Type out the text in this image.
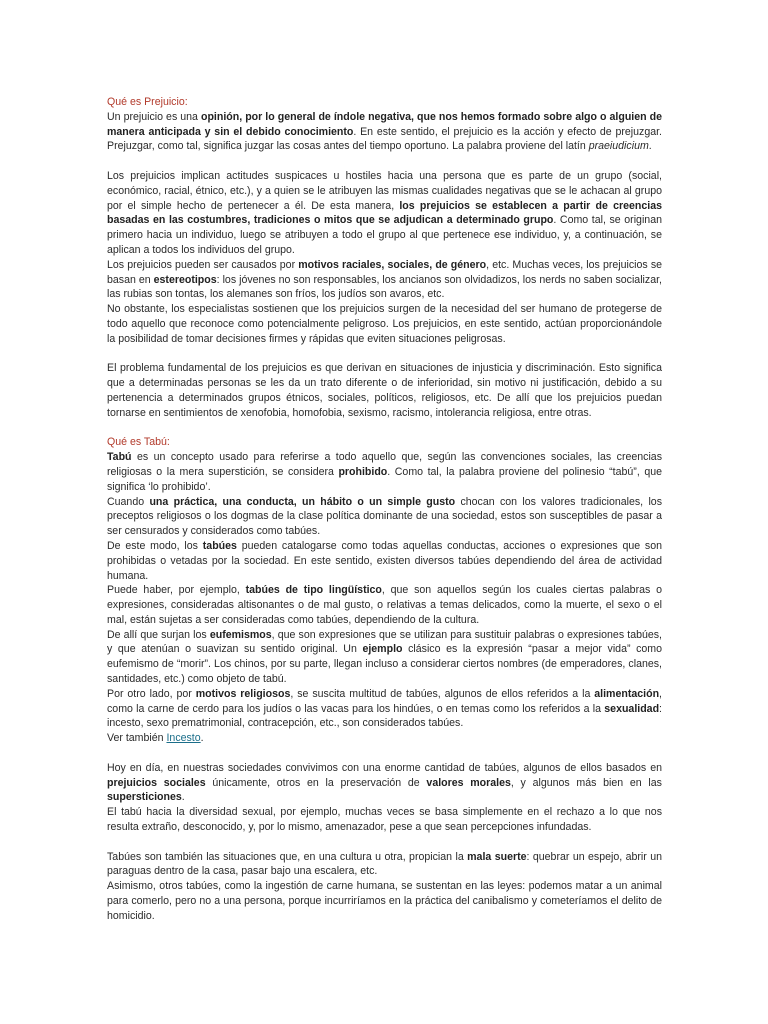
Qué es Prejuicio:

Un prejuicio es una opinión, por lo general de índole negativa, que nos hemos formado sobre algo o alguien de manera anticipada y sin el debido conocimiento. En este sentido, el prejuicio es la acción y efecto de prejuzgar. Prejuzgar, como tal, significa juzgar las cosas antes del tiempo oportuno. La palabra proviene del latín praeiudicium.

Los prejuicios implican actitudes suspicaces u hostiles hacia una persona que es parte de un grupo (social, económico, racial, étnico, etc.), y a quien se le atribuyen las mismas cualidades negativas que se le achacan al grupo por el simple hecho de pertenecer a él. De esta manera, los prejuicios se establecen a partir de creencias basadas en las costumbres, tradiciones o mitos que se adjudican a determinado grupo. Como tal, se originan primero hacia un individuo, luego se atribuyen a todo el grupo al que pertenece ese individuo, y, a continuación, se aplican a todos los individuos del grupo.

Los prejuicios pueden ser causados por motivos raciales, sociales, de género, etc. Muchas veces, los prejuicios se basan en estereotipos: los jóvenes no son responsables, los ancianos son olvidadizos, los nerds no saben socializar, las rubias son tontas, los alemanes son fríos, los judíos son avaros, etc.

No obstante, los especialistas sostienen que los prejuicios surgen de la necesidad del ser humano de protegerse de todo aquello que reconoce como potencialmente peligroso. Los prejuicios, en este sentido, actúan proporcionándole la posibilidad de tomar decisiones firmes y rápidas que eviten situaciones peligrosas.

El problema fundamental de los prejuicios es que derivan en situaciones de injusticia y discriminación. Esto significa que a determinadas personas se les da un trato diferente o de inferioridad, sin motivo ni justificación, debido a su pertenencia a determinados grupos étnicos, sociales, políticos, religiosos, etc. De allí que los prejuicios puedan tornarse en sentimientos de xenofobia, homofobia, sexismo, racismo, intolerancia religiosa, entre otras.

Qué es Tabú:

Tabú es un concepto usado para referirse a todo aquello que, según las convenciones sociales, las creencias religiosas o la mera superstición, se considera prohibido. Como tal, la palabra proviene del polinesio “tabú”, que significa ‘lo prohibido’.

Cuando una práctica, una conducta, un hábito o un simple gusto chocan con los valores tradicionales, los preceptos religiosos o los dogmas de la clase política dominante de una sociedad, estos son susceptibles de pasar a ser censurados y considerados como tabúes.

De este modo, los tabúes pueden catalogarse como todas aquellas conductas, acciones o expresiones que son prohibidas o vetadas por la sociedad. En este sentido, existen diversos tabúes dependiendo del área de actividad humana.

Puede haber, por ejemplo, tabúes de tipo lingüístico, que son aquellos según los cuales ciertas palabras o expresiones, consideradas altisonantes o de mal gusto, o relativas a temas delicados, como la muerte, el sexo o el mal, están sujetas a ser consideradas como tabúes, dependiendo de la cultura.

De allí que surjan los eufemismos, que son expresiones que se utilizan para sustituir palabras o expresiones tabúes, y que atenúan o suavizan su sentido original. Un ejemplo clásico es la expresión “pasar a mejor vida” como eufemismo de “morir”. Los chinos, por su parte, llegan incluso a considerar ciertos nombres (de emperadores, clanes, santidades, etc.) como objeto de tabú.

Por otro lado, por motivos religiosos, se suscita multitud de tabúes, algunos de ellos referidos a la alimentación, como la carne de cerdo para los judíos o las vacas para los hindúes, o en temas como los referidos a la sexualidad: incesto, sexo prematrimonial, contracepción, etc., son considerados tabúes.

Ver también Incesto.

Hoy en día, en nuestras sociedades convivimos con una enorme cantidad de tabúes, algunos de ellos basados en prejuicios sociales únicamente, otros en la preservación de valores morales, y algunos más bien en las supersticiones.

El tabú hacia la diversidad sexual, por ejemplo, muchas veces se basa simplemente en el rechazo a lo que nos resulta extraño, desconocido, y, por lo mismo, amenazador, pese a que sean percepciones infundadas.

Tabúes son también las situaciones que, en una cultura u otra, propician la mala suerte: quebrar un espejo, abrir un paraguas dentro de la casa, pasar bajo una escalera, etc.

Asimismo, otros tabúes, como la ingestión de carne humana, se sustentan en las leyes: podemos matar a un animal para comerlo, pero no a una persona, porque incurriríamos en la práctica del canibalismo y cometeríamos el delito de homicidio.
